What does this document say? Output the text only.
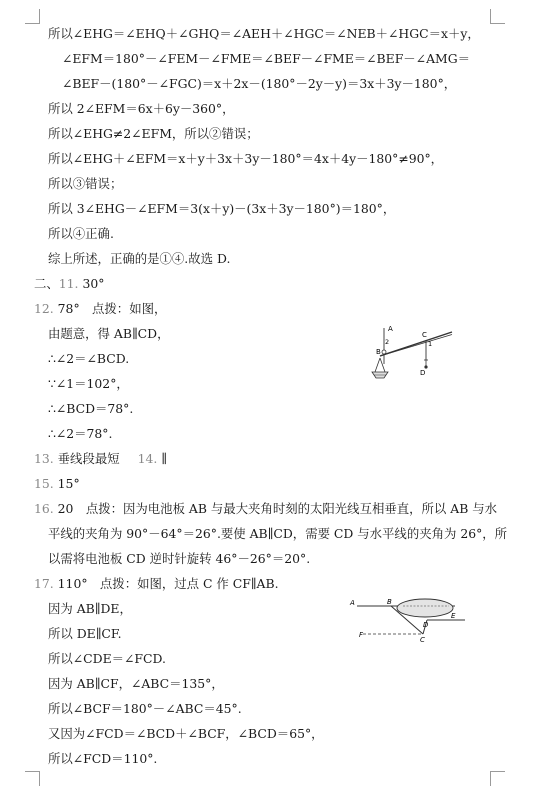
所以∠EHG＝∠EHQ＋∠GHQ＝∠AEH＋∠HGC＝∠NEB＋∠HGC＝x＋y，
∠EFM＝180°－∠FEM－∠FME＝∠BEF－∠FME＝∠BEF－∠AMG＝
∠BEF－(180°－∠FGC)＝x＋2x－(180°－2y－y)＝3x＋3y－180°，
所以 2∠EFM＝6x＋6y－360°，
所以∠EHG≠2∠EFM，所以②错误；
所以∠EHG＋∠EFM＝x＋y＋3x＋3y－180°＝4x＋4y－180°≠90°，
所以③错误；
所以 3∠EHG－∠EFM＝3(x＋y)－(3x＋3y－180°)＝180°，
所以④正确.
综上所述，正确的是①④.故选 D.
二、11. 30°
12. 78°　点拨：如图，
由题意，得 AB∥CD，
∴∠2＝∠BCD.
∵∠1＝102°，
∴∠BCD＝78°.
∴∠2＝78°.
A
2
B
C
1
D
13. 垂线段最短 14. ∥
15. 15°
16. 20　点拨：因为电池板 AB 与最大夹角时刻的太阳光线互相垂直，所以 AB 与水
平线的夹角为 90°－64°＝26°.要使 AB∥CD，需要 CD 与水平线的夹角为 26°，所
以需将电池板 CD 逆时针旋转 46°－26°＝20°.
17. 110°　点拨：如图，过点 C 作 CF∥AB.
因为 AB∥DE，
所以 DE∥CF.
所以∠CDE＝∠FCD.
因为 AB∥CF，∠ABC＝135°，
所以∠BCF＝180°－∠ABC＝45°.
又因为∠FCD＝∠BCD＋∠BCF，∠BCD＝65°，
所以∠FCD＝110°.
A	B
D
E
F
C
